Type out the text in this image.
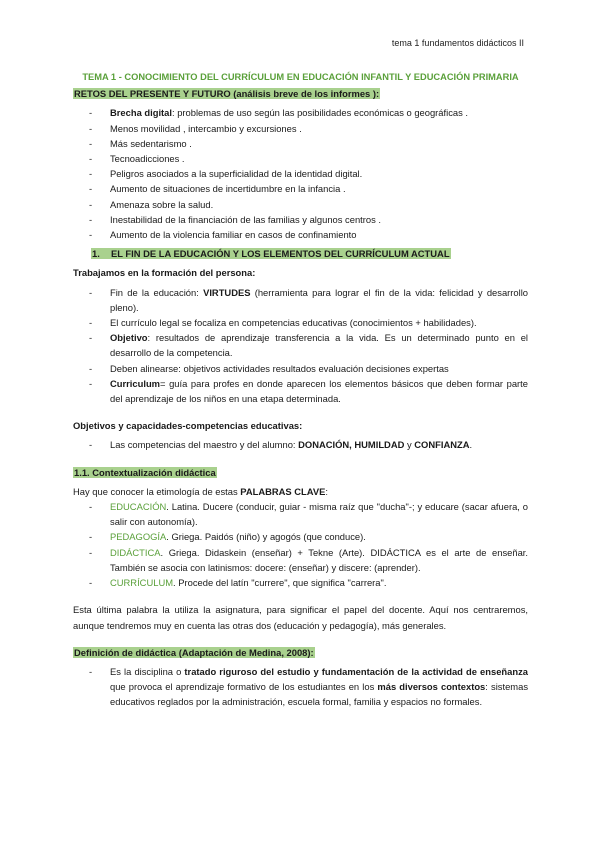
tema 1 fundamentos didácticos II

TEMA 1 - CONOCIMIENTO DEL CURRÍCULUM EN EDUCACIÓN INFANTIL Y EDUCACIÓN PRIMARIA

RETOS DEL PRESENTE Y FUTURO (análisis breve de los informes ):

- Brecha digital: problemas de uso según las posibilidades económicas o geográficas .
- Menos movilidad , intercambio y excursiones .
- Más sedentarismo .
- Tecnoadicciones .
- Peligros asociados a la superficialidad de la identidad digital.
- Aumento de situaciones de incertidumbre en la infancia .
- Amenaza sobre la salud.
- Inestabilidad de la financiación de las familias y algunos centros .
- Aumento de la violencia familiar en casos de confinamiento

1. EL FIN DE LA EDUCACIÓN Y LOS ELEMENTOS DEL CURRÍCULUM ACTUAL

Trabajamos en la formación del persona:

- Fin de la educación: VIRTUDES (herramienta para lograr el fin de la vida: felicidad y desarrollo pleno).
- El currículo legal se focaliza en competencias educativas (conocimientos + habilidades).
- Objetivo: resultados de aprendizaje transferencia a la vida. Es un determinado punto en el desarrollo de la competencia.
- Deben alinearse: objetivos actividades resultados evaluación decisiones expertas
- Curriculum= guía para profes en donde aparecen los elementos básicos que deben formar parte del aprendizaje de los niños en una etapa determinada.

Objetivos y capacidades-competencias educativas:

- Las competencias del maestro y del alumno: DONACIÓN, HUMILDAD y CONFIANZA.

1.1. Contextualización didáctica

Hay que conocer la etimología de estas PALABRAS CLAVE:

- EDUCACIÓN. Latina. Ducere (conducir, guiar - misma raíz que "ducha"-; y educare (sacar afuera, o salir con autonomía).
- PEDAGOGÍA. Griega. Paidós (niño) y agogós (que conduce).
- DIDÁCTICA. Griega. Didaskein (enseñar) + Tekne (Arte). DIDÁCTICA es el arte de enseñar. También se asocia con latinismos: docere: (enseñar) y discere: (aprender).
- CURRÍCULUM. Procede del latín "currere", que significa "carrera".

Esta última palabra la utiliza la asignatura, para significar el papel del docente. Aquí nos centraremos, aunque tendremos muy en cuenta las otras dos (educación y pedagogía), más generales.

Definición de didáctica (Adaptación de Medina, 2008):

- Es la disciplina o tratado riguroso del estudio y fundamentación de la actividad de enseñanza que provoca el aprendizaje formativo de los estudiantes en los más diversos contextos: sistemas educativos reglados por la administración, escuela formal, familia y espacios no formales.
